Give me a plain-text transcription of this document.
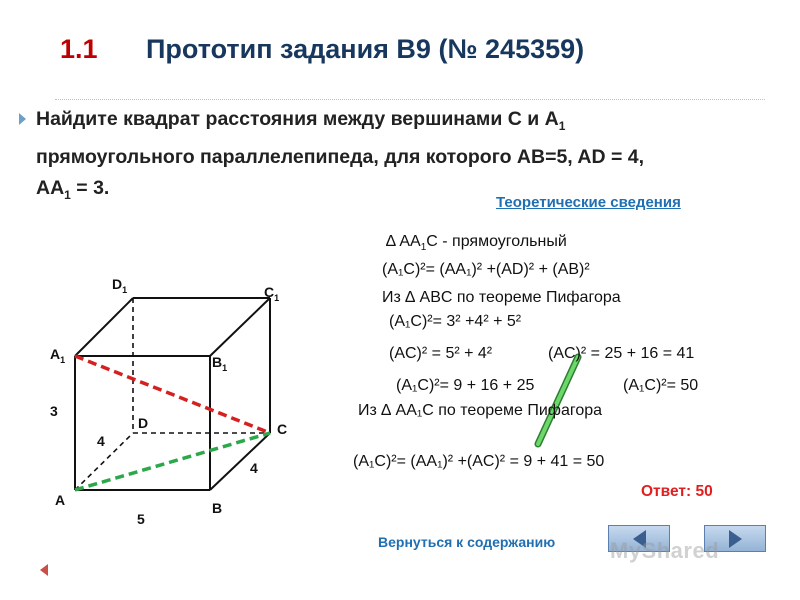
1.1 Прототип задания B9 (№ 245359)
Найдите квадрат расстояния между вершинами C и $A_1$
прямоугольного параллелепипеда, для которого AB=5, AD = 4,
$AA_1 = 3$.
Теоретические сведения
$D_1$	$C_1$
$A_1$	$B_1$
D	C
A	B
3
4
4
5
∆ $AA_1C$ - прямоугольный
(A₁C)²= (AA₁)² +(AD)² + (AB)²
Из ∆ ABC по теореме Пифагора
(A₁C)²= 3² +4² + 5²
(AC)² = 5² + 4²	(AC)² = 25 + 16 = 41
(A₁C)²= 9 + 16 + 25	(A₁C)²= 50
Из ∆ AA₁C по теореме Пифагора
(A₁C)²= (AA₁)² +(AC)² = 9 + 41 = 50
Ответ: 50
Вернуться к содержанию MyShared
